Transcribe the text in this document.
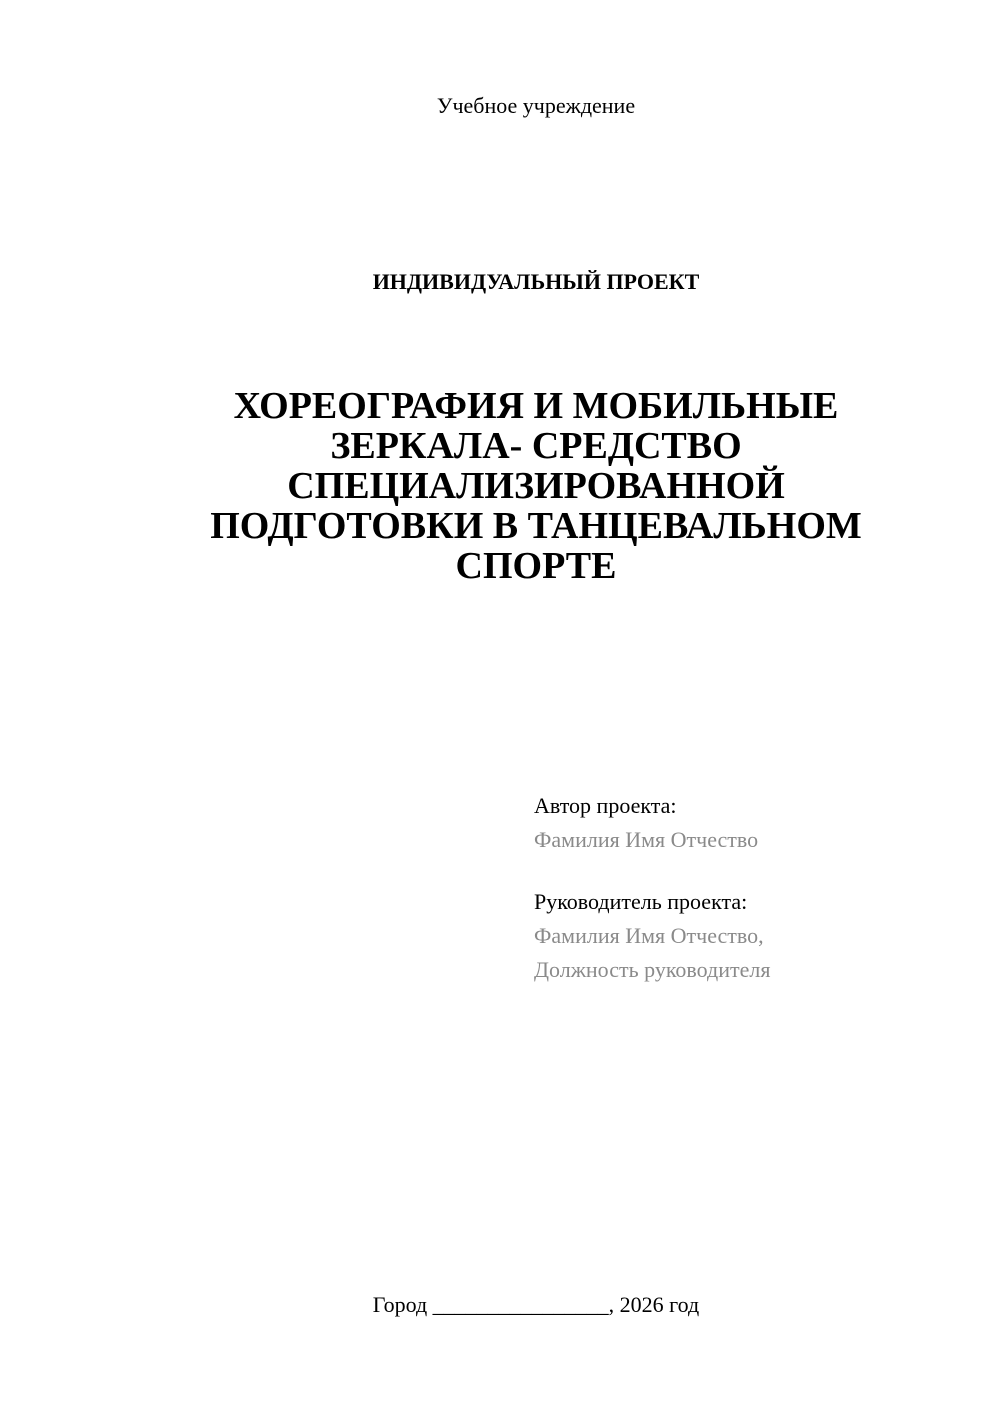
Учебное учреждение
ИНДИВИДУАЛЬНЫЙ ПРОЕКТ
ХОРЕОГРАФИЯ И МОБИЛЬНЫЕ
ЗЕРКАЛА- СРЕДСТВО
СПЕЦИАЛИЗИРОВАННОЙ
ПОДГОТОВКИ В ТАНЦЕВАЛЬНОМ
СПОРТЕ
Автор проекта:
Фамилия Имя Отчество
Руководитель проекта:
Фамилия Имя Отчество,
Должность руководителя
Город ________________, 2026 год
